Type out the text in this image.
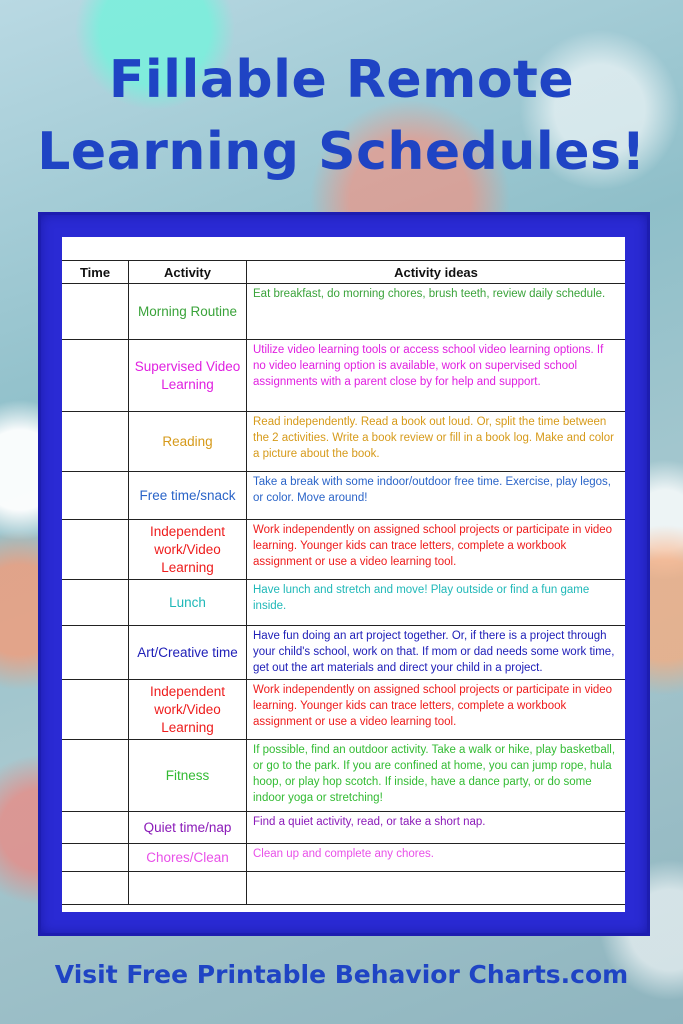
Fillable Remote
Learning Schedules!
Time	Activity	Activity ideas
	Morning Routine	Eat breakfast, do morning chores, brush teeth, review daily schedule.
	Supervised Video Learning	Utilize video learning tools or access school video learning options. If no video learning option is available, work on supervised school assignments with a parent close by for help and support.
	Reading	Read independently. Read a book out loud. Or, split the time between the 2 activities. Write a book review or fill in a book log. Make and color a picture about the book.
	Free time/snack	Take a break with some indoor/outdoor free time. Exercise, play legos, or color. Move around!
	Independent work/Video Learning	Work independently on assigned school projects or participate in video learning. Younger kids can trace letters, complete a workbook assignment or use a video learning tool.
	Lunch	Have lunch and stretch and move! Play outside or find a fun game inside.
	Art/Creative time	Have fun doing an art project together. Or, if there is a project through your child's school, work on that. If mom or dad needs some work time, get out the art materials and direct your child in a project.
	Independent work/Video Learning	Work independently on assigned school projects or participate in video learning. Younger kids can trace letters, complete a workbook assignment or use a video learning tool.
	Fitness	If possible, find an outdoor activity. Take a walk or hike, play basketball, or go to the park. If you are confined at home, you can jump rope, hula hoop, or play hop scotch. If inside, have a dance party, or do some indoor yoga or stretching!
	Quiet time/nap	Find a quiet activity, read, or take a short nap.
	Chores/Clean	Clean up and complete any chores.

Visit Free Printable Behavior Charts.com
